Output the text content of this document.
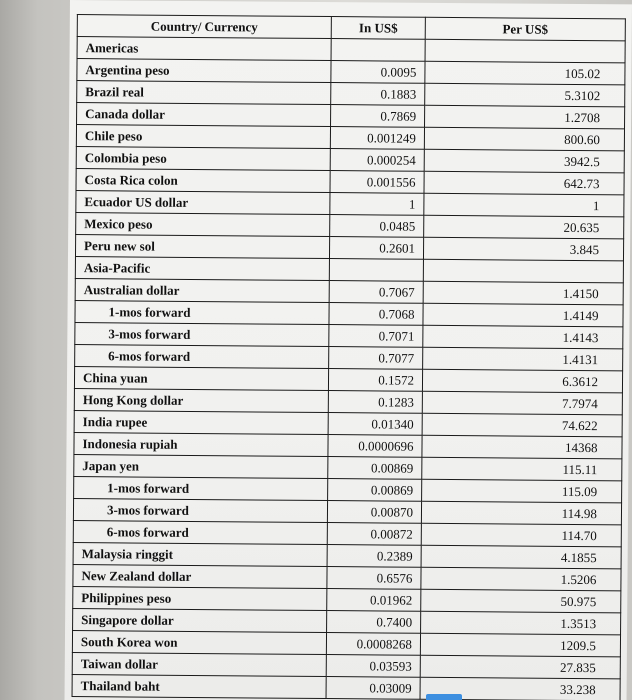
Country/ Currency	In US$	Per US$
Americas		
Argentina peso	0.0095	105.02
Brazil real	0.1883	5.3102
Canada dollar	0.7869	1.2708
Chile peso	0.001249	800.60
Colombia peso	0.000254	3942.5
Costa Rica colon	0.001556	642.73
Ecuador US dollar	1	1
Mexico peso	0.0485	20.635
Peru new sol	0.2601	3.845
Asia-Pacific		
Australian dollar	0.7067	1.4150
1-mos forward	0.7068	1.4149
3-mos forward	0.7071	1.4143
6-mos forward	0.7077	1.4131
China yuan	0.1572	6.3612
Hong Kong dollar	0.1283	7.7974
India rupee	0.01340	74.622
Indonesia rupiah	0.0000696	14368
Japan yen	0.00869	115.11
1-mos forward	0.00869	115.09
3-mos forward	0.00870	114.98
6-mos forward	0.00872	114.70
Malaysia ringgit	0.2389	4.1855
New Zealand dollar	0.6576	1.5206
Philippines peso	0.01962	50.975
Singapore dollar	0.7400	1.3513
South Korea won	0.0008268	1209.5
Taiwan dollar	0.03593	27.835
Thailand baht	0.03009	33.238
